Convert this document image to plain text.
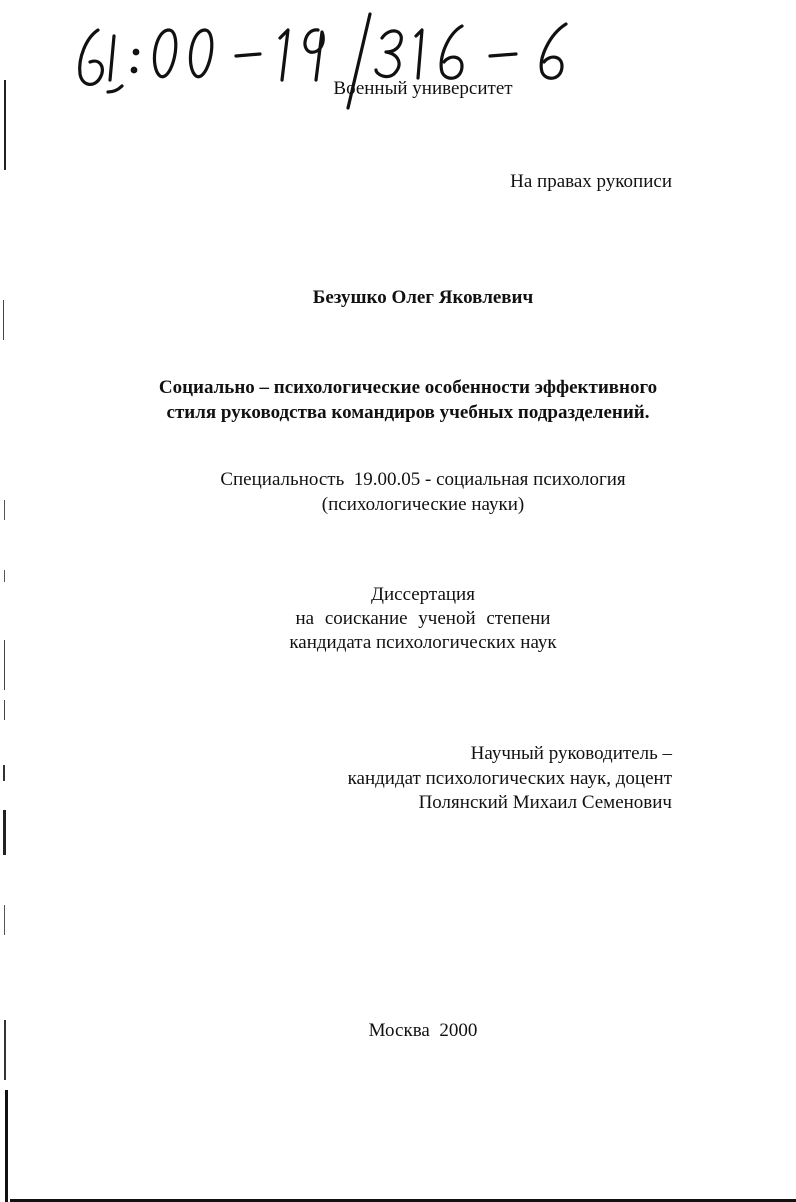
Военный университет
На правах рукописи
Безушко Олег Яковлевич
Социально – психологические особенности эффективного
стиля руководства командиров учебных подразделений.
Специальность  19.00.05 - социальная психология
(психологические науки)
Диссертация
на соискание ученой степени
кандидата психологических наук
Научный руководитель –
кандидат психологических наук, доцент
Полянский Михаил Семенович
Москва  2000
